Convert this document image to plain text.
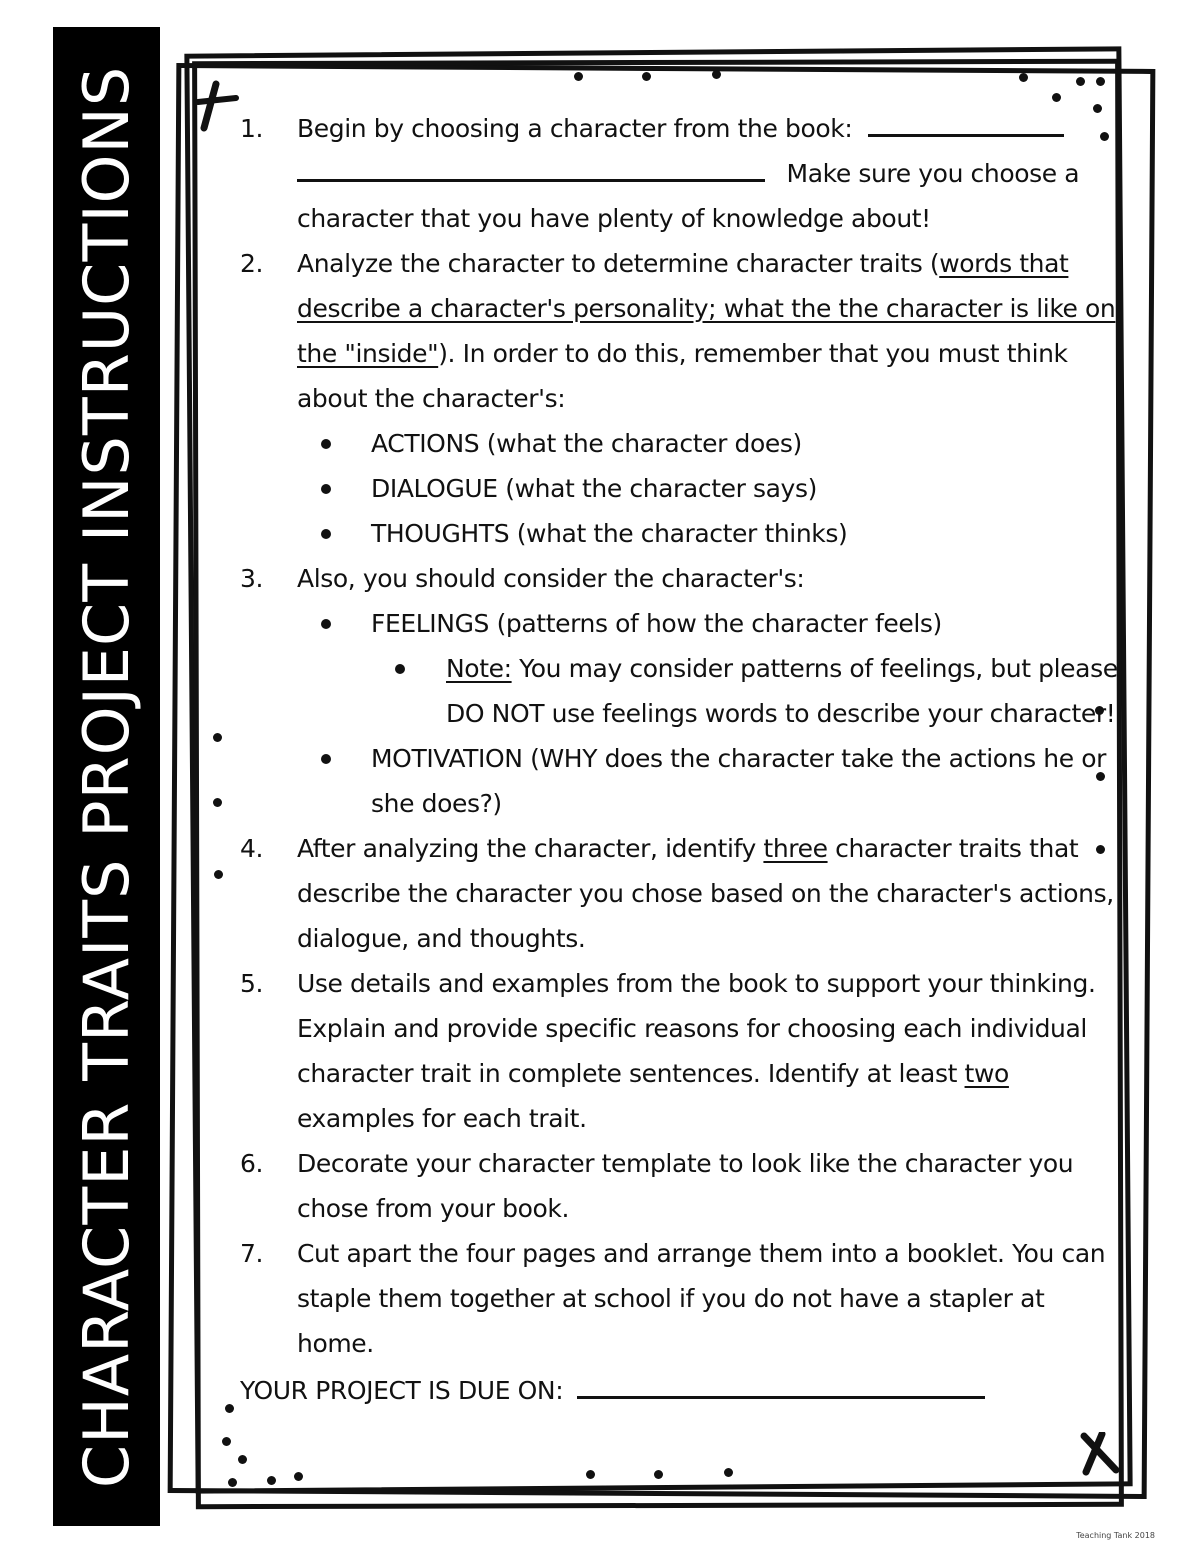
CHARACTER TRAITS PROJECT INSTRUCTIONS	1. Begin by choosing a character from the book:
Make sure you choose a
character that you have plenty of knowledge about!
2. Analyze the character to determine character traits (words that describe a character's personality; what the the character is like on the "inside"). In order to do this, remember that you must think about the character's:
ACTIONS (what the character does)
DIALOGUE (what the character says)
THOUGHTS (what the character thinks)
3. Also, you should consider the character's:
FEELINGS (patterns of how the character feels)
Note: You may consider patterns of feelings, but please DO NOT use feelings words to describe your character!
MOTIVATION (WHY does the character take the actions he or she does?)
4. After analyzing the character, identify three character traits that describe the character you chose based on the character's actions, dialogue, and thoughts.
5. Use details and examples from the book to support your thinking. Explain and provide specific reasons for choosing each individual character trait in complete sentences. Identify at least two examples for each trait.
6. Decorate your character template to look like the character you chose from your book.
7. Cut apart the four pages and arrange them into a booklet. You can staple them together at school if you do not have a stapler at home.
YOUR PROJECT IS DUE ON:
Teaching Tank 2018
